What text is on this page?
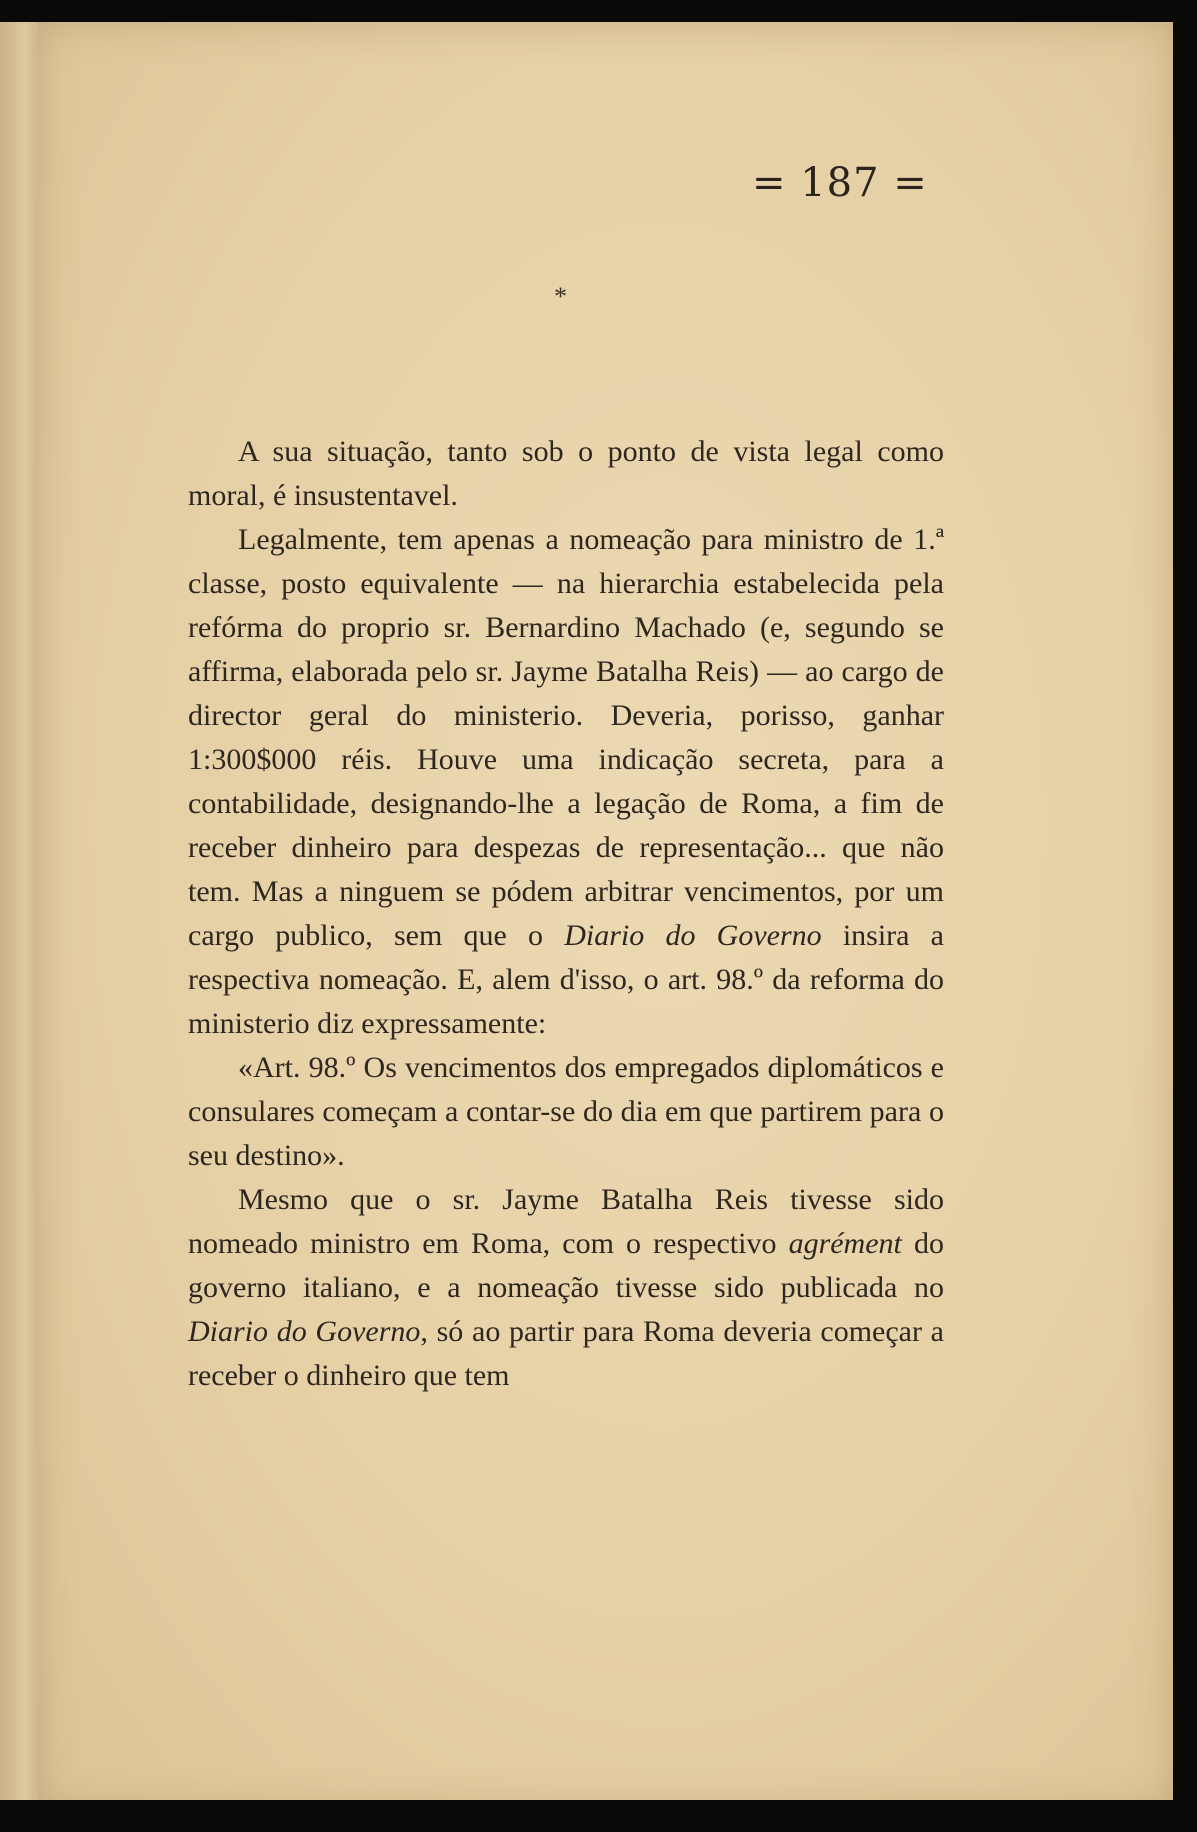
= 187 =

*

A sua situação, tanto sob o ponto de vista legal como moral, é insustentavel.

Legalmente, tem apenas a nomeação para ministro de 1.ª classe, posto equivalente — na hierarchia estabelecida pela refórma do proprio sr. Bernardino Machado (e, segundo se affirma, elaborada pelo sr. Jayme Batalha Reis) — ao cargo de director geral do ministerio. Deveria, porisso, ganhar 1:300$000 réis. Houve uma indicação secreta, para a contabilidade, designando-lhe a legação de Roma, a fim de receber dinheiro para despezas de representação... que não tem. Mas a ninguem se pódem arbitrar vencimentos, por um cargo publico, sem que o Diario do Governo insira a respectiva nomeação. E, alem d'isso, o art. 98.º da reforma do ministerio diz expressamente:

«Art. 98.º Os vencimentos dos empregados diplomáticos e consulares começam a contar-se do dia em que partirem para o seu destino».

Mesmo que o sr. Jayme Batalha Reis tivesse sido nomeado ministro em Roma, com o respectivo agrément do governo italiano, e a nomeação tivesse sido publicada no Diario do Governo, só ao partir para Roma deveria começar a receber o dinheiro que tem
